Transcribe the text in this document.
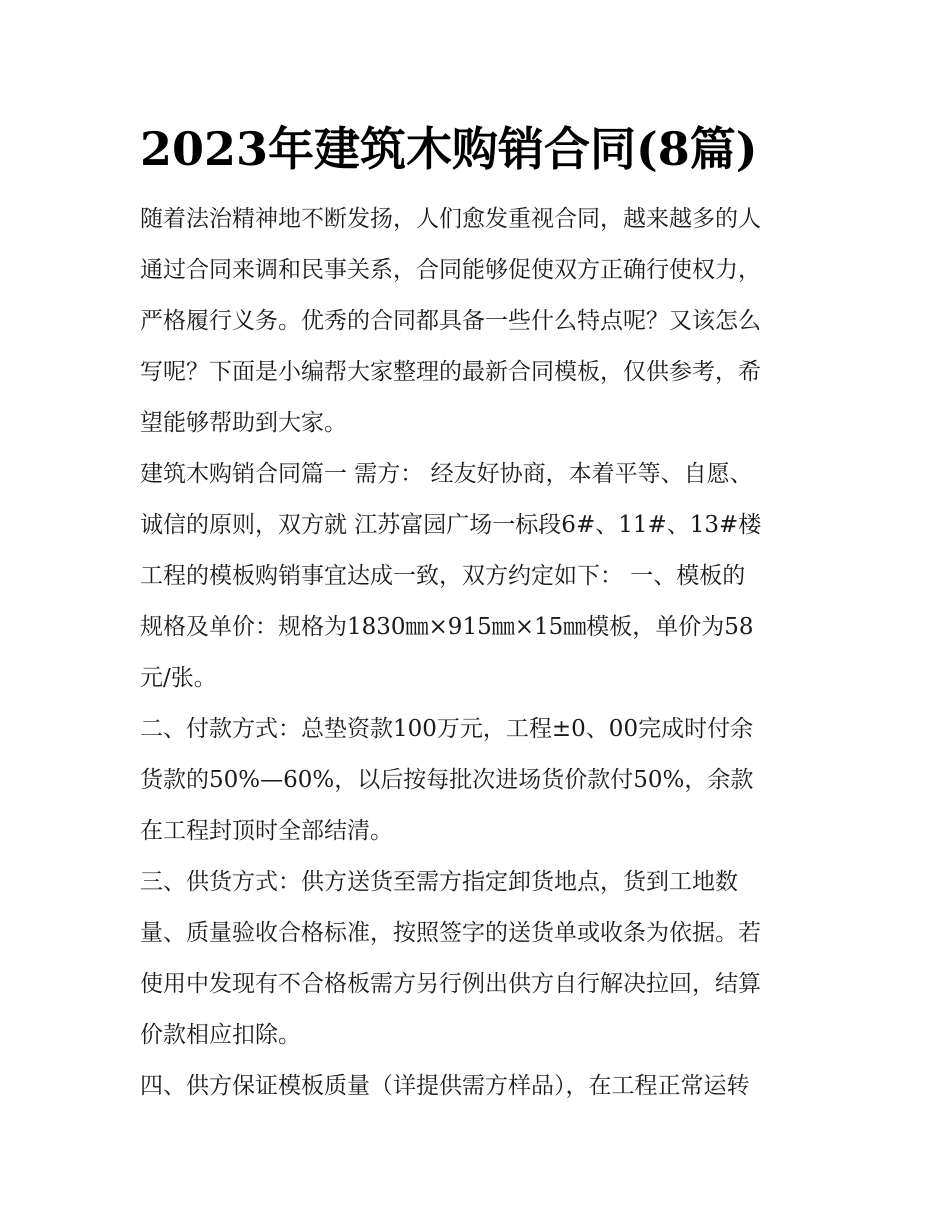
2023年建筑木购销合同(8篇)
随着法治精神地不断发扬，人们愈发重视合同，越来越多的人
通过合同来调和民事关系，合同能够促使双方正确行使权力，
严格履行义务。优秀的合同都具备一些什么特点呢？又该怎么
写呢？下面是小编帮大家整理的最新合同模板，仅供参考，希
望能够帮助到大家。
建筑木购销合同篇一 需方： 经友好协商，本着平等、自愿、
诚信的原则，双方就 江苏富园广场一标段6#、11#、13#楼
工程的模板购销事宜达成一致，双方约定如下： 一、模板的
规格及单价：规格为1830㎜×915㎜×15㎜模板，单价为58
元/张。
二、付款方式：总垫资款100万元，工程±0、00完成时付余
货款的50%—60%，以后按每批次进场货价款付50%，余款
在工程封顶时全部结清。
三、供货方式：供方送货至需方指定卸货地点，货到工地数
量、质量验收合格标准，按照签字的送货单或收条为依据。若
使用中发现有不合格板需方另行例出供方自行解决拉回，结算
价款相应扣除。
四、供方保证模板质量（详提供需方样品），在工程正常运转
